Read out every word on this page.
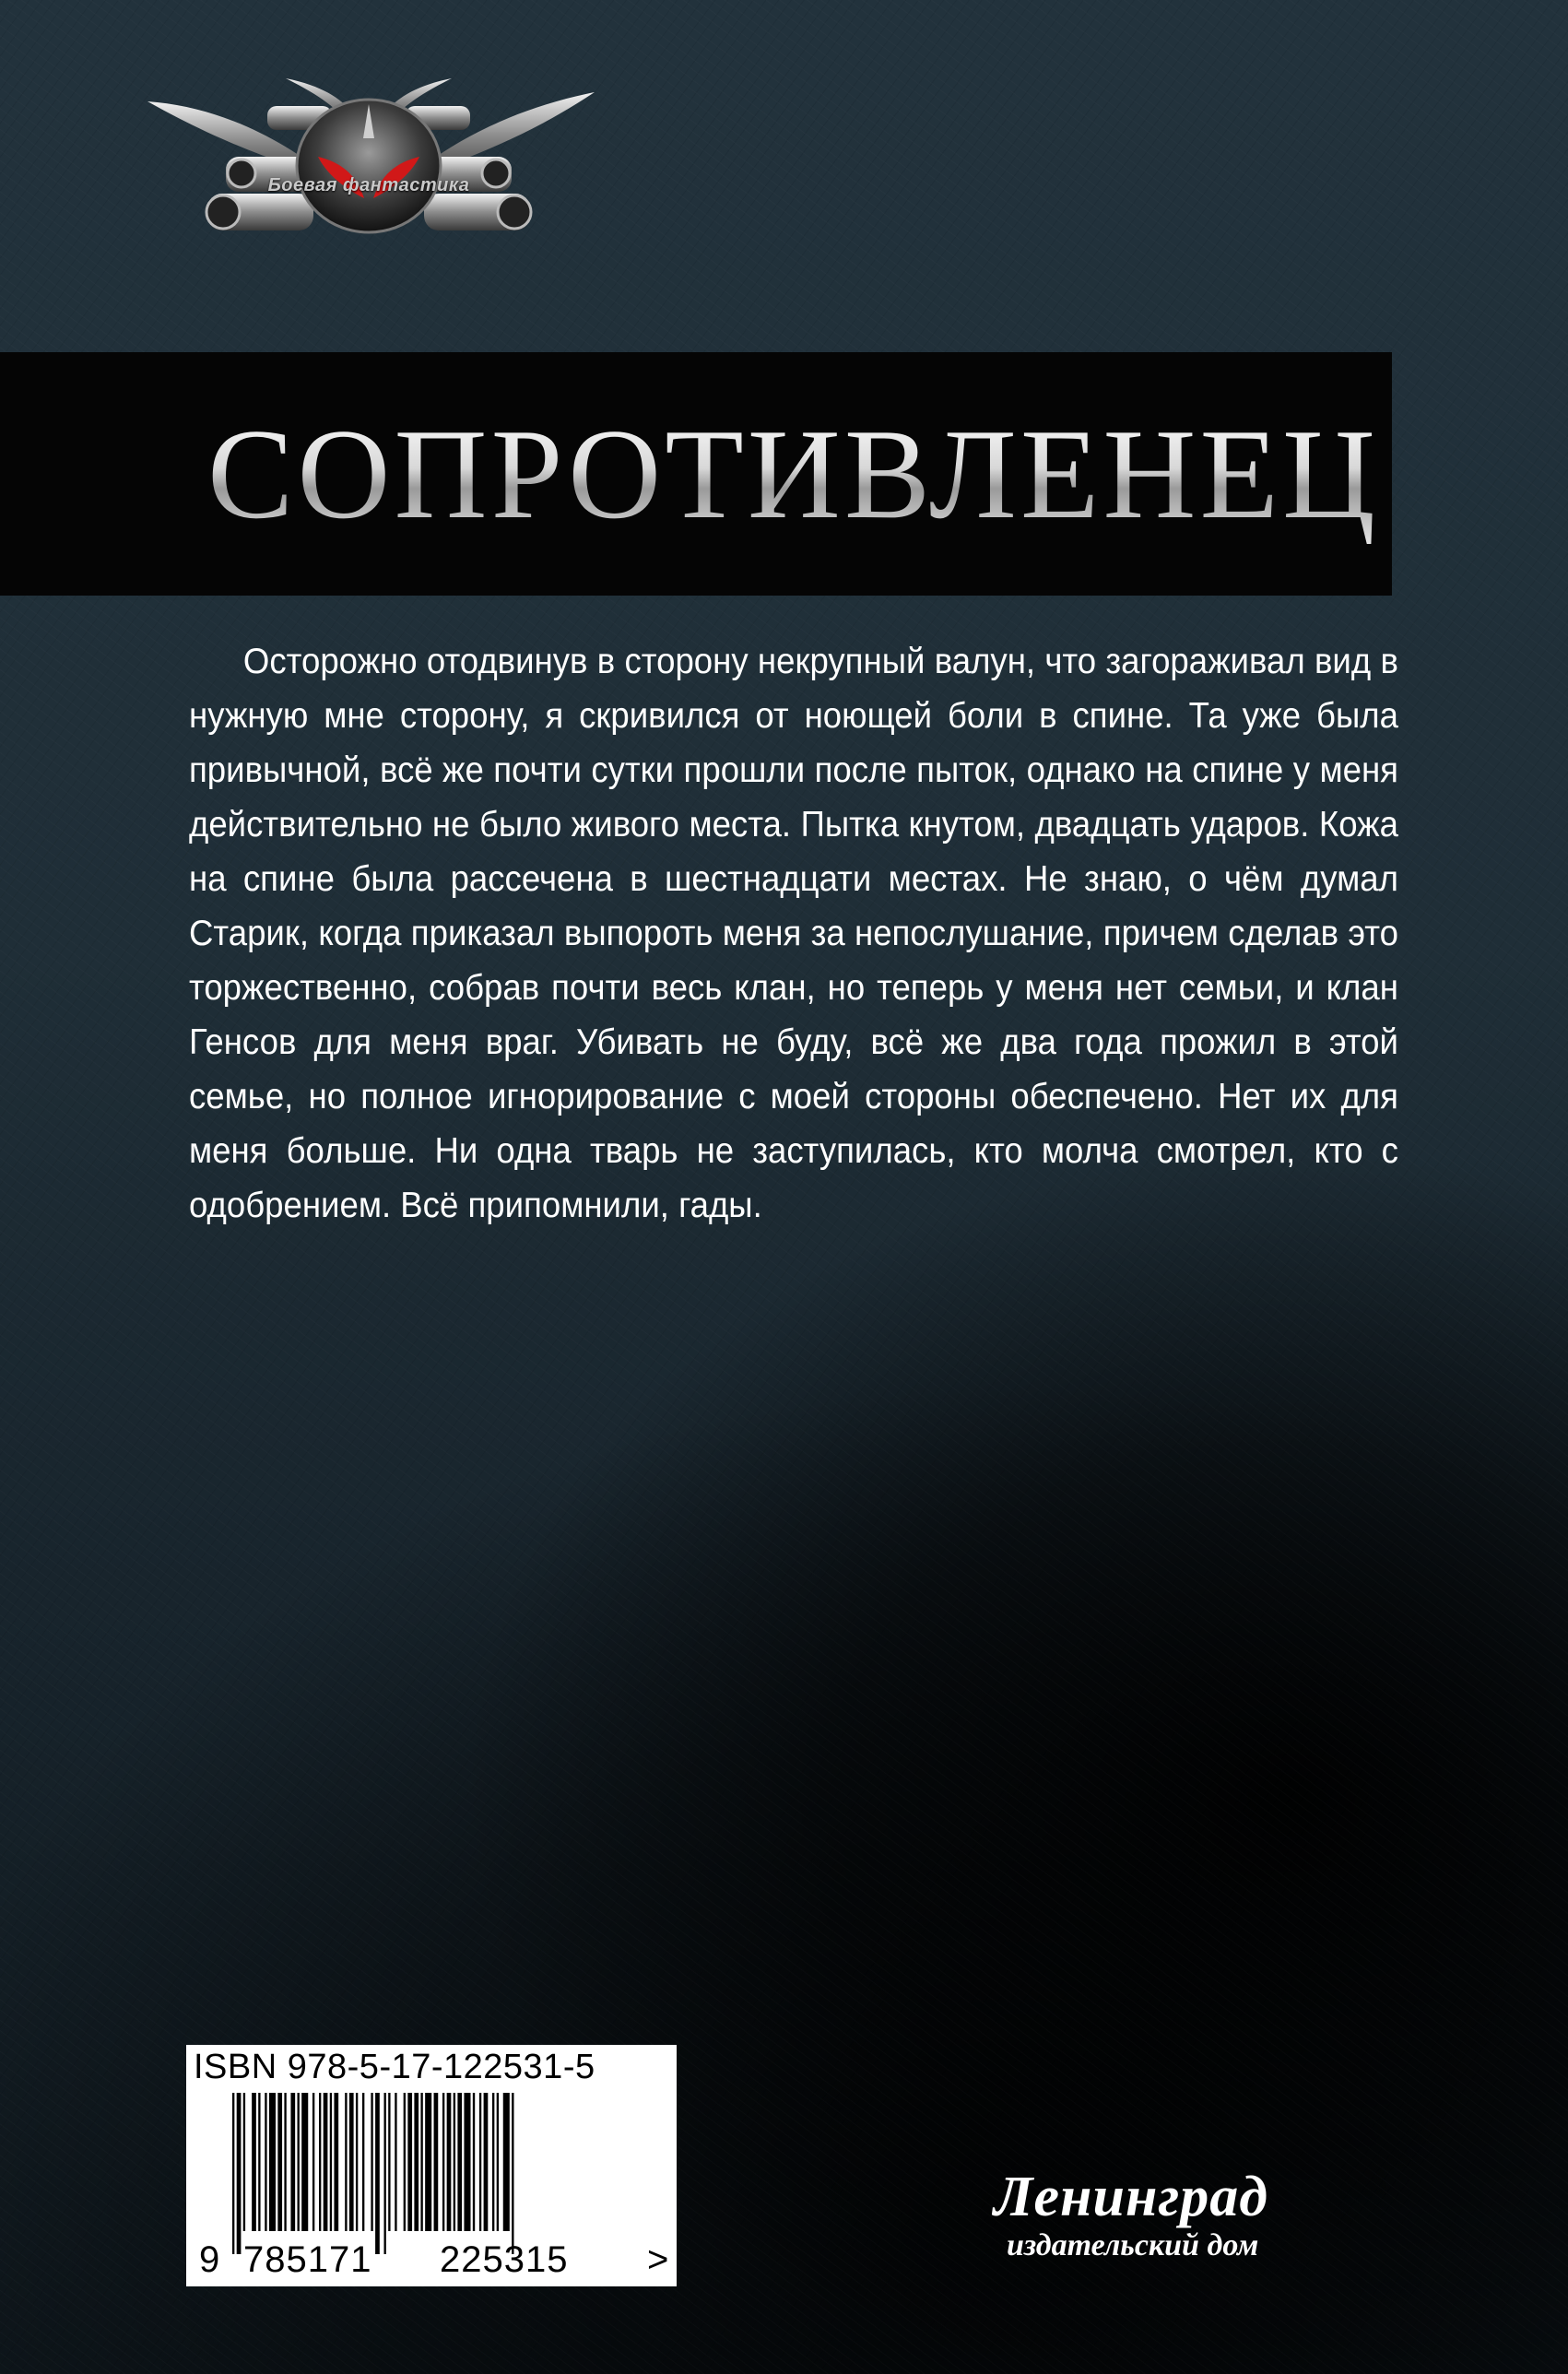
Боевая фантастика
СОПРОТИВЛЕНЕЦ

Осторожно отодвинув в сторону некрупный валун, что загораживал вид в нужную мне сторону, я скривился от ноющей боли в спине. Та уже была привычной, всё же почти сутки прошли после пыток, однако на спине у меня действительно не было живого места. Пытка кнутом, двадцать ударов. Кожа на спине была рассечена в шестнадцати местах. Не знаю, о чём думал Старик, когда приказал выпороть меня за непослушание, причем сделав это торжественно, собрав почти весь клан, но теперь у меня нет семьи, и клан Генсов для меня враг. Убивать не буду, всё же два года прожил в этой семье, но полное игнорирование с моей стороны обеспечено. Нет их для меня больше. Ни одна тварь не заступилась, кто молча смотрел, кто с одобрением. Всё припомнили, гады.

ISBN 978-5-17-122531-5
9 785171 225315 >
Ленинград
издательский дом
